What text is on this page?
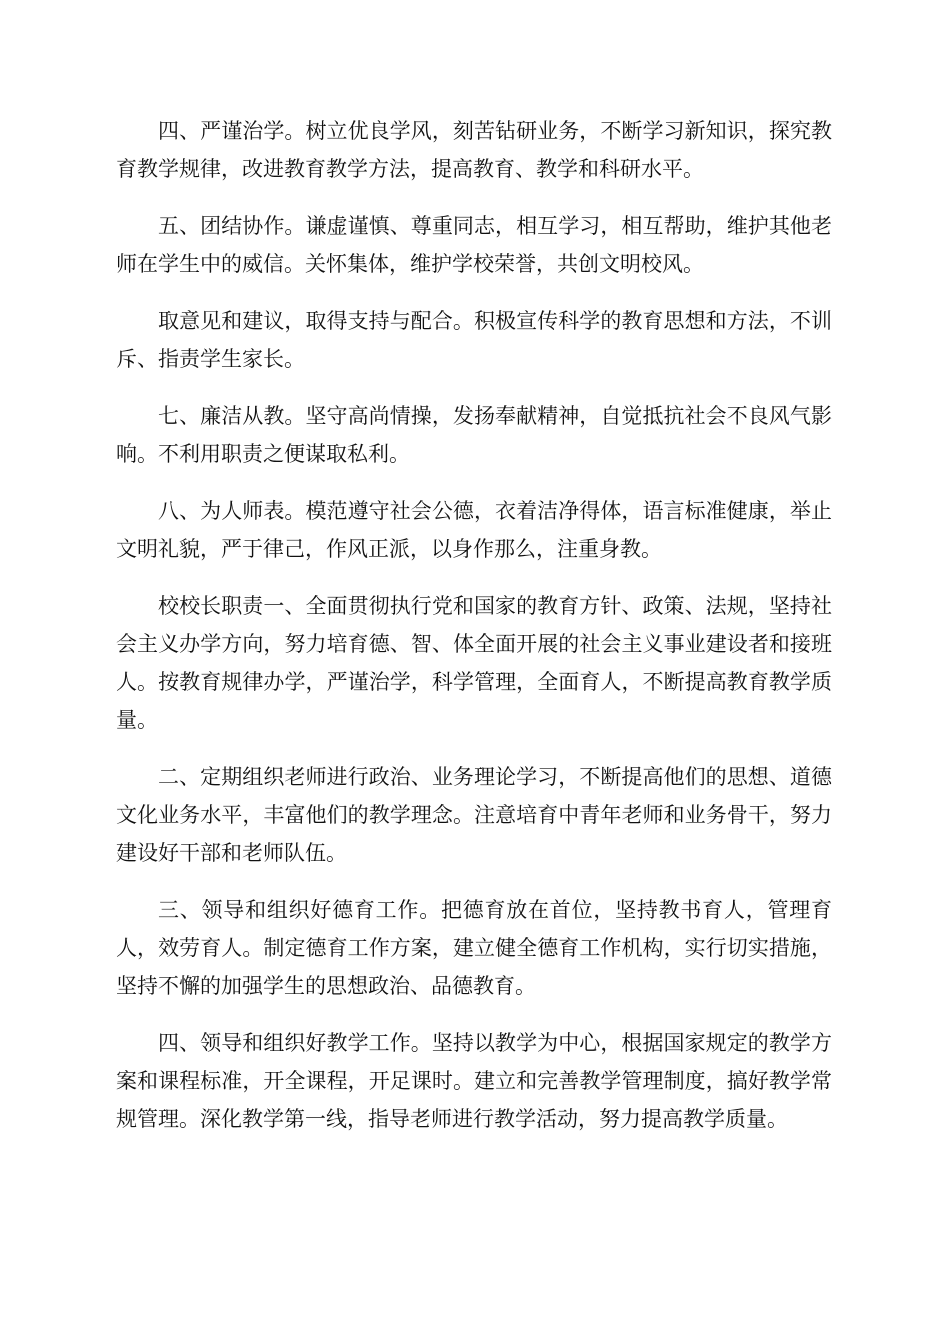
四、严谨治学。树立优良学风，刻苦钻研业务，不断学习新知识，探究教育教学规律，改进教育教学方法，提高教育、教学和科研水平。

五、团结协作。谦虚谨慎、尊重同志，相互学习，相互帮助，维护其他老师在学生中的威信。关怀集体，维护学校荣誉，共创文明校风。

取意见和建议，取得支持与配合。积极宣传科学的教育思想和方法，不训斥、指责学生家长。

七、廉洁从教。坚守高尚情操，发扬奉献精神，自觉抵抗社会不良风气影响。不利用职责之便谋取私利。

八、为人师表。模范遵守社会公德，衣着洁净得体，语言标准健康，举止文明礼貌，严于律己，作风正派，以身作那么，注重身教。

校校长职责一、全面贯彻执行党和国家的教育方针、政策、法规，坚持社会主义办学方向，努力培育德、智、体全面开展的社会主义事业建设者和接班人。按教育规律办学，严谨治学，科学管理，全面育人，不断提高教育教学质量。

二、定期组织老师进行政治、业务理论学习，不断提高他们的思想、道德文化业务水平，丰富他们的教学理念。注意培育中青年老师和业务骨干，努力建设好干部和老师队伍。

三、领导和组织好德育工作。把德育放在首位，坚持教书育人，管理育人，效劳育人。制定德育工作方案，建立健全德育工作机构，实行切实措施，坚持不懈的加强学生的思想政治、品德教育。

四、领导和组织好教学工作。坚持以教学为中心，根据国家规定的教学方案和课程标准，开全课程，开足课时。建立和完善教学管理制度，搞好教学常规管理。深化教学第一线，指导老师进行教学活动，努力提高教学质量。
